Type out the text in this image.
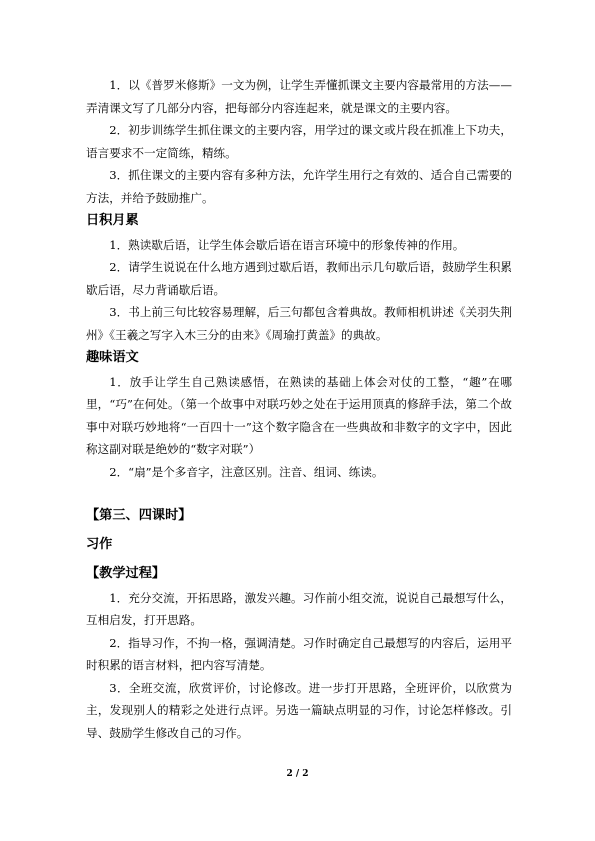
1．以《普罗米修斯》一文为例，让学生弄懂抓课文主要内容最常用的方法——弄清课文写了几部分内容，把每部分内容连起来，就是课文的主要内容。

2．初步训练学生抓住课文的主要内容，用学过的课文或片段在抓准上下功夫，语言要求不一定简练，精练。

3．抓住课文的主要内容有多种方法，允许学生用行之有效的、适合自己需要的方法，并给予鼓励推广。

日积月累

1．熟读歇后语，让学生体会歇后语在语言环境中的形象传神的作用。

2．请学生说说在什么地方遇到过歇后语，教师出示几句歇后语，鼓励学生积累歇后语，尽力背诵歇后语。

3．书上前三句比较容易理解，后三句都包含着典故。教师相机讲述《关羽失荆州》《王羲之写字入木三分的由来》《周瑜打黄盖》的典故。

趣味语文

1．放手让学生自己熟读感悟，在熟读的基础上体会对仗的工整，“趣”在哪里，“巧”在何处。（第一个故事中对联巧妙之处在于运用顶真的修辞手法，第二个故事中对联巧妙地将“一百四十一”这个数字隐含在一些典故和非数字的文字中，因此称这副对联是绝妙的“数字对联”）

2．“扇”是个多音字，注意区别。注音、组词、练读。

【第三、四课时】
习作
【教学过程】

1．充分交流，开拓思路，激发兴趣。习作前小组交流，说说自己最想写什么，互相启发，打开思路。

2．指导习作，不拘一格，强调清楚。习作时确定自己最想写的内容后，运用平时积累的语言材料，把内容写清楚。

3．全班交流，欣赏评价，讨论修改。进一步打开思路，全班评价，以欣赏为主，发现别人的精彩之处进行点评。另选一篇缺点明显的习作，讨论怎样修改。引导、鼓励学生修改自己的习作。

2 / 2
